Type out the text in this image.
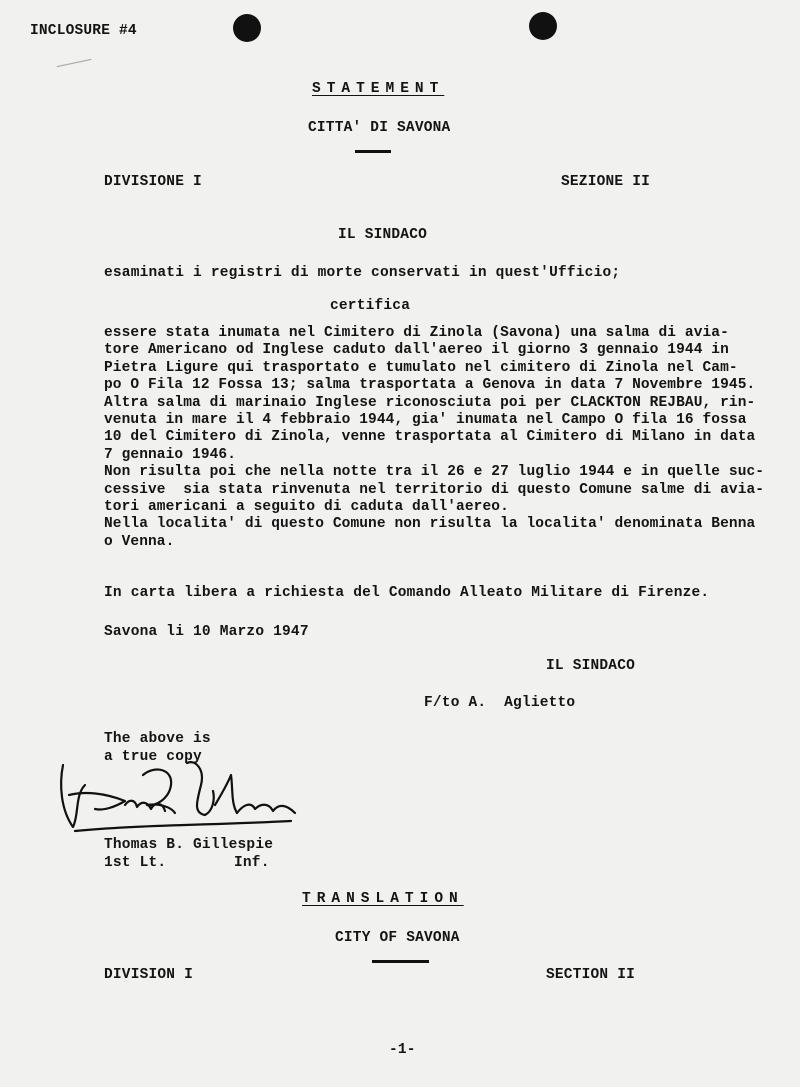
INCLOSURE #4
⸺
STATEMENT
CITTA' DI SAVONA
DIVISIONE I	SEZIONE II
IL SINDACO
esaminati i registri di morte conservati in quest'Ufficio;
certifica
essere stata inumata nel Cimitero di Zinola (Savona) una salma di avia-
tore Americano od Inglese caduto dall'aereo il giorno 3 gennaio 1944 in
Pietra Ligure qui trasportato e tumulato nel cimitero di Zinola nel Cam-
po O Fila 12 Fossa 13; salma trasportata a Genova in data 7 Novembre 1945.
Altra salma di marinaio Inglese riconosciuta poi per CLACKTON REJBAU, rin-
venuta in mare il 4 febbraio 1944, gia' inumata nel Campo O fila 16 fossa
10 del Cimitero di Zinola, venne trasportata al Cimitero di Milano in data
7 gennaio 1946.
Non risulta poi che nella notte tra il 26 e 27 luglio 1944 e in quelle suc-
cessive  sia stata rinvenuta nel territorio di questo Comune salme di avia-
tori americani a seguito di caduta dall'aereo.
Nella localita' di questo Comune non risulta la localita' denominata Benna
o Venna.
In carta libera a richiesta del Comando Alleato Militare di Firenze.
Savona li 10 Marzo 1947
IL SINDACO
F/to A.  Aglietto
The above is
a true copy
Thomas B. Gillespie
1st Lt.	Inf.
TRANSLATION
CITY OF SAVONA
DIVISION I	SECTION II
-1-
